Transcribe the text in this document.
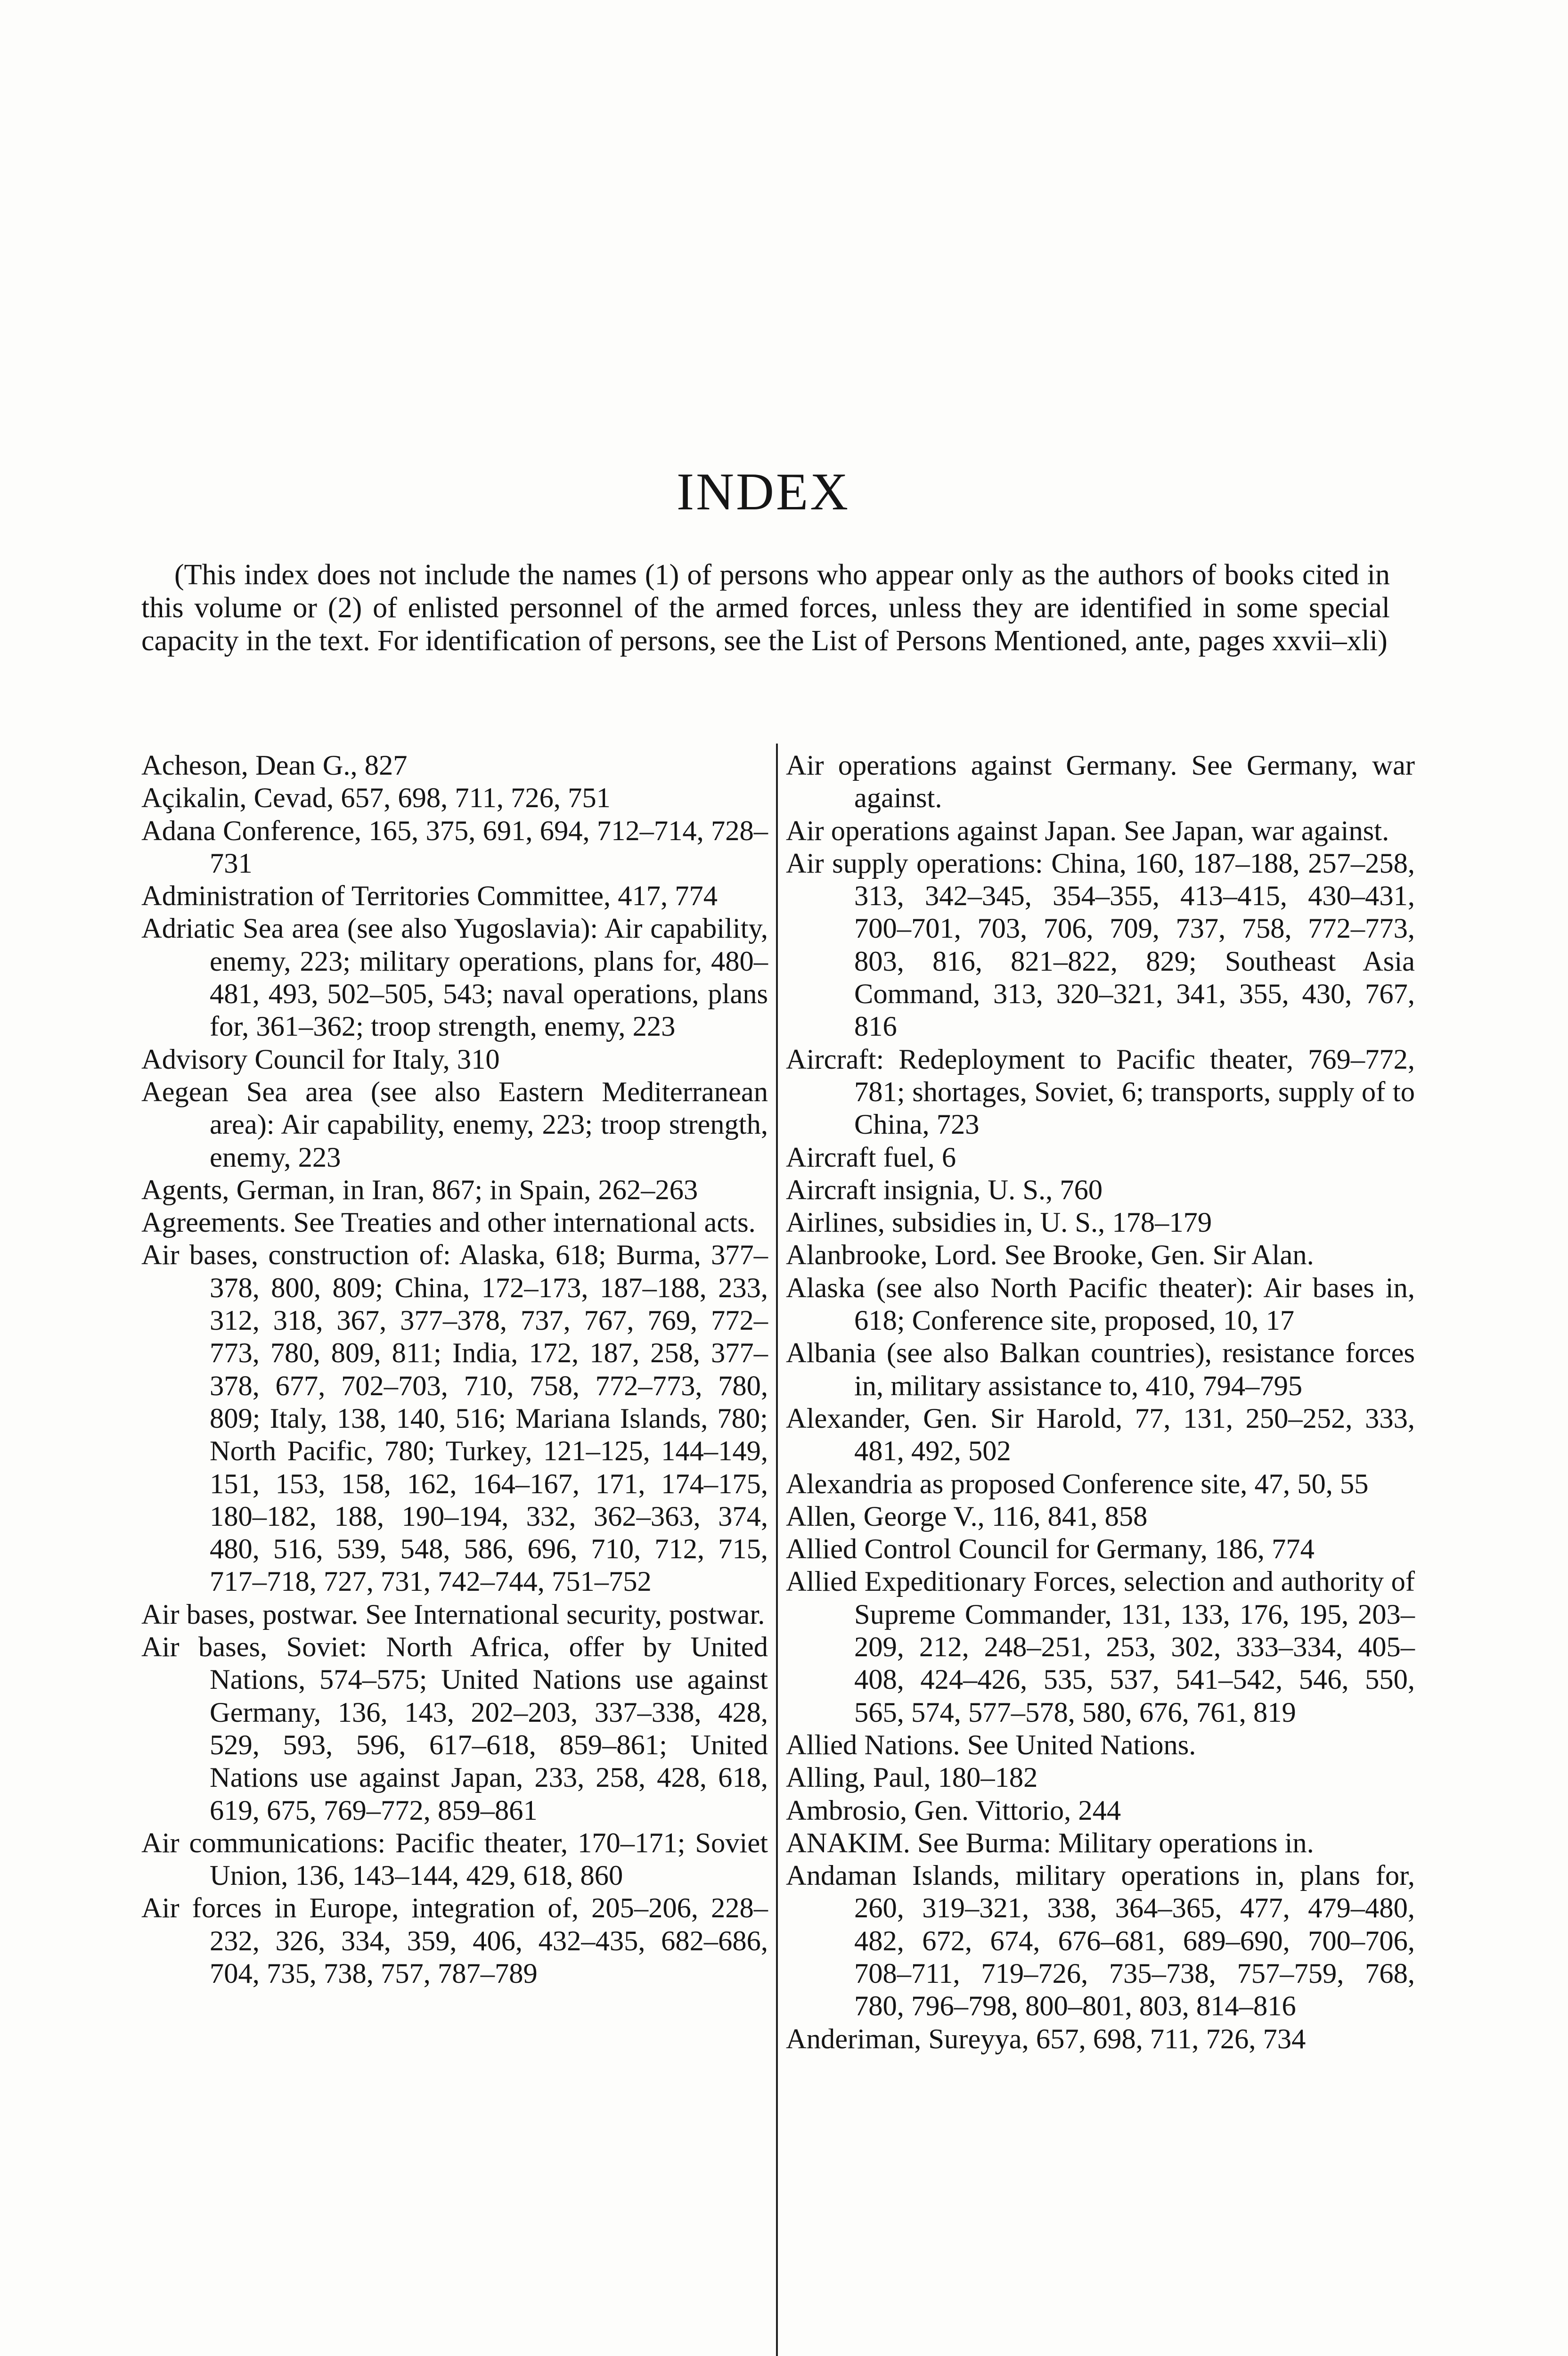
INDEX

(This index does not include the names (1) of persons who appear only as the authors of books cited in this volume or (2) of enlisted personnel of the armed forces, unless they are identified in some special capacity in the text. For identification of persons, see the List of Persons Mentioned, ante, pages xxvii–xli)

Acheson, Dean G., 827
Açikalin, Cevad, 657, 698, 711, 726, 751
Adana Conference, 165, 375, 691, 694, 712–714, 728–731
Administration of Territories Committee, 417, 774
Adriatic Sea area (see also Yugoslavia): Air capability, enemy, 223; military operations, plans for, 480–481, 493, 502–505, 543; naval operations, plans for, 361–362; troop strength, enemy, 223
Advisory Council for Italy, 310
Aegean Sea area (see also Eastern Mediterranean area): Air capability, enemy, 223; troop strength, enemy, 223
Agents, German, in Iran, 867; in Spain, 262–263
Agreements. See Treaties and other international acts.
Air bases, construction of: Alaska, 618; Burma, 377–378, 800, 809; China, 172–173, 187–188, 233, 312, 318, 367, 377–378, 737, 767, 769, 772–773, 780, 809, 811; India, 172, 187, 258, 377–378, 677, 702–703, 710, 758, 772–773, 780, 809; Italy, 138, 140, 516; Mariana Islands, 780; North Pacific, 780; Turkey, 121–125, 144–149, 151, 153, 158, 162, 164–167, 171, 174–175, 180–182, 188, 190–194, 332, 362–363, 374, 480, 516, 539, 548, 586, 696, 710, 712, 715, 717–718, 727, 731, 742–744, 751–752
Air bases, postwar. See International security, postwar.
Air bases, Soviet: North Africa, offer by United Nations, 574–575; United Nations use against Germany, 136, 143, 202–203, 337–338, 428, 529, 593, 596, 617–618, 859–861; United Nations use against Japan, 233, 258, 428, 618, 619, 675, 769–772, 859–861
Air communications: Pacific theater, 170–171; Soviet Union, 136, 143–144, 429, 618, 860
Air forces in Europe, integration of, 205–206, 228–232, 326, 334, 359, 406, 432–435, 682–686, 704, 735, 738, 757, 787–789
Air operations against Germany. See Germany, war against.
Air operations against Japan. See Japan, war against.
Air supply operations: China, 160, 187–188, 257–258, 313, 342–345, 354–355, 413–415, 430–431, 700–701, 703, 706, 709, 737, 758, 772–773, 803, 816, 821–822, 829; Southeast Asia Command, 313, 320–321, 341, 355, 430, 767, 816
Aircraft: Redeployment to Pacific theater, 769–772, 781; shortages, Soviet, 6; transports, supply of to China, 723
Aircraft fuel, 6
Aircraft insignia, U. S., 760
Airlines, subsidies in, U. S., 178–179
Alanbrooke, Lord. See Brooke, Gen. Sir Alan.
Alaska (see also North Pacific theater): Air bases in, 618; Conference site, proposed, 10, 17
Albania (see also Balkan countries), resistance forces in, military assistance to, 410, 794–795
Alexander, Gen. Sir Harold, 77, 131, 250–252, 333, 481, 492, 502
Alexandria as proposed Conference site, 47, 50, 55
Allen, George V., 116, 841, 858
Allied Control Council for Germany, 186, 774
Allied Expeditionary Forces, selection and authority of Supreme Commander, 131, 133, 176, 195, 203–209, 212, 248–251, 253, 302, 333–334, 405–408, 424–426, 535, 537, 541–542, 546, 550, 565, 574, 577–578, 580, 676, 761, 819
Allied Nations. See United Nations.
Alling, Paul, 180–182
Ambrosio, Gen. Vittorio, 244
ANAKIM. See Burma: Military operations in.
Andaman Islands, military operations in, plans for, 260, 319–321, 338, 364–365, 477, 479–480, 482, 672, 674, 676–681, 689–690, 700–706, 708–711, 719–726, 735–738, 757–759, 768, 780, 796–798, 800–801, 803, 814–816
Anderiman, Sureyya, 657, 698, 711, 726, 734
